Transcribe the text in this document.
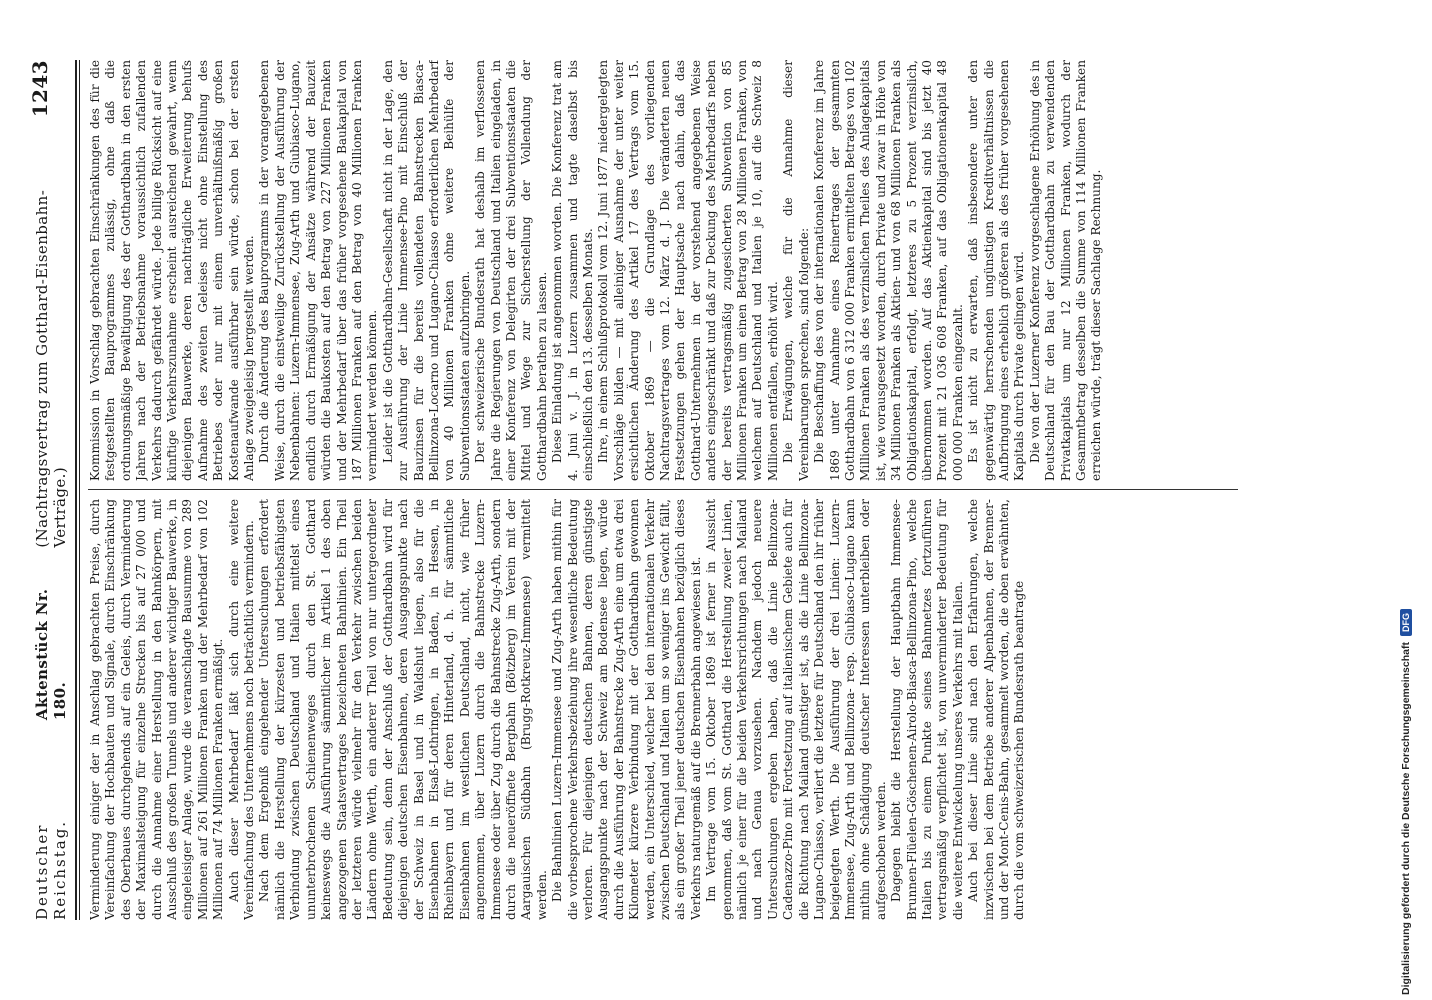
Deutscher Reichstag.
Aktenstück Nr. 180.
(Nachtragsvertrag zum Gotthard-Eisenbahn-Verträge.)
1243

Verminderung einiger der in Anschlag gebrachten Preise, durch Vereinfachung der Hochbauten und Signale, durch Einschränkung des Oberbaues durchgehends auf ein Geleis, durch Verminderung der Maximalsteigung für einzelne Strecken bis auf 27 0/00 und durch die Annahme einer Herstellung in den Bahnkörpern, mit Ausschluß des großen Tunnels und anderer wichtiger Bauwerke, in eingeleisiger Anlage, wurde die veranschlagte Bausumme von 289 Millionen auf 261 Millionen Franken und der Mehrbedarf von 102 Millionen auf 74 Millionen Franken ermäßigt. Auch dieser Mehrbedarf läßt sich durch eine weitere Vereinfachung des Unternehmens noch beträchtlich vermindern. Nach dem Ergebniß eingehender Untersuchungen erfordert nämlich die Herstellung der kürzesten und betriebsfähigsten Verbindung zwischen Deutschland und Italien mittelst eines ununterbrochenen Schienenweges durch den St. Gotthard keineswegs die Ausführung sämmtlicher im Artikel 1 des oben angezogenen Staatsvertrages bezeichneten Bahnlinien. Ein Theil der letzteren würde vielmehr für den Verkehr zwischen beiden Ländern ohne Werth, ein anderer Theil von nur untergeordneter Bedeutung sein, denn der Anschluß der Gotthardbahn wird für diejenigen deutschen Eisenbahnen, deren Ausgangspunkte nach der Schweiz in Basel und in Waldshut liegen, also für die Eisenbahnen in Elsaß-Lothringen, in Baden, in Hessen, in Rheinbayern und für deren Hinterland, d. h. für sämmtliche Eisenbahnen im westlichen Deutschland, nicht, wie früher angenommen, über Luzern durch die Bahnstrecke Luzern-Immensee oder über Zug durch die Bahnstrecke Zug-Arth, sondern durch die neueröffnete Bergbahn (Bötzberg) im Verein mit der Aargauischen Südbahn (Brugg-Rotkreuz-Immensee) vermittelt werden. Die Bahnlinien Luzern-Immensee und Zug-Arth haben mithin für die vorbesprochene Verkehrsbeziehung ihre wesentliche Bedeutung verloren. Für diejenigen deutschen Bahnen, deren günstigste Ausgangspunkte nach der Schweiz am Bodensee liegen, würde durch die Ausführung der Bahnstrecke Zug-Arth eine um etwa drei Kilometer kürzere Verbindung mit der Gotthardbahn gewonnen werden, ein Unterschied, welcher bei den internationalen Verkehr zwischen Deutschland und Italien um so weniger ins Gewicht fällt, als ein großer Theil jener deutschen Eisenbahnen bezüglich dieses Verkehrs naturgemäß auf die Brennerbahn angewiesen ist. Im Vertrage vom 15. Oktober 1869 ist ferner in Aussicht genommen, daß vom St. Gotthard die Herstellung zweier Linien, nämlich je einer für die beiden Verkehrsrichtungen nach Mailand und nach Genua vorzusehen. Nachdem jedoch neuere Untersuchungen ergeben haben, daß die Linie Bellinzona-Cadenazzo-Pino mit Fortsetzung auf italienischem Gebiete auch für die Richtung nach Mailand günstiger ist, als die Linie Bellinzona-Lugano-Chiasso, verliert die letztere für Deutschland den ihr früher beigelegten Werth. Die Ausführung der drei Linien: Luzern-Immensee, Zug-Arth und Bellinzona- resp. Giubiasco-Lugano kann mithin ohne Schädigung deutscher Interessen unterbleiben oder aufgeschoben werden. Dagegen bleibt die Herstellung der Hauptbahn Immensee-Brunnen-Flüelen-Göschenen-Airolo-Biasca-Bellinzona-Pino, welche Italien bis zu einem Punkte seines Bahnnetzes fortzuführen vertragsmäßig verpflichtet ist, von unverminderter Bedeutung für die weitere Entwickelung unseres Verkehrs mit Italien. Auch bei dieser Linie sind nach den Erfahrungen, welche inzwischen bei dem Betriebe anderer Alpenbahnen, der Brenner- und der Mont-Cenis-Bahn, gesammelt worden, die oben erwähnten, durch die vom schweizerischen Bundesrath beantragte

Kommission in Vorschlag gebrachten Einschränkungen des für die festgestellten Bauprogrammes zulässig, ohne daß die ordnungsmäßige Bewältigung des der Gotthardbahn in den ersten Jahren nach der Betriebsnahme voraussichtlich zufallenden Verkehrs dadurch gefährdet würde. Jede billige Rücksicht auf eine künftige Verkehrszunahme erscheint ausreichend gewahrt, wenn diejenigen Bauwerke, deren nachträgliche Erweiterung behufs Aufnahme des zweiten Geleises nicht ohne Einstellung des Betriebes oder nur mit einem unverhältnißmäßig großen Kostenaufwande ausführbar sein würde, schon bei der ersten Anlage zweigeleisig hergestellt werden. Durch die Änderung des Bauprogramms in der vorangegebenen Weise, durch die einstweilige Zurückstellung der Ausführung der Nebenbahnen: Luzern-Immensee, Zug-Arth und Giubiasco-Lugano, endlich durch Ermäßigung der Ansätze während der Bauzeit würden die Baukosten auf den Betrag von 227 Millionen Franken und der Mehrbedarf über das früher vorgesehene Baukapital von 187 Millionen Franken auf den Betrag von 40 Millionen Franken vermindert werden können. Leider ist die Gotthardbahn-Gesellschaft nicht in der Lage, den zur Ausführung der Linie Immensee-Pino mit Einschluß der Bauzinsen für die bereits vollendeten Bahnstrecken Biasca-Bellinzona-Locarno und Lugano-Chiasso erforderlichen Mehrbedarf von 40 Millionen Franken ohne weitere Beihülfe der Subventionsstaaten aufzubringen. Der schweizerische Bundesrath hat deshalb im verflossenen Jahre die Regierungen von Deutschland und Italien eingeladen, in einer Konferenz von Delegirten der drei Subventionsstaaten die Mittel und Wege zur Sicherstellung der Vollendung der Gotthardbahn berathen zu lassen. Diese Einladung ist angenommen worden. Die Konferenz trat am 4. Juni v. J. in Luzern zusammen und tagte daselbst bis einschließlich den 13. desselben Monats. Ihre, in einem Schlußprotokoll vom 12. Juni 1877 niedergelegten Vorschläge bilden — mit alleiniger Ausnahme der unter weiter ersichtlichen Änderung des Artikel 17 des Vertrags vom 15. Oktober 1869 — die Grundlage des vorliegenden Nachtragsvertrages vom 12. März d. J. Die veränderten neuen Festsetzungen gehen der Hauptsache nach dahin, daß das Gotthard-Unternehmen in der vorstehend angegebenen Weise anders eingeschränkt und daß zur Deckung des Mehrbedarfs neben der bereits vertragsmäßig zugesicherten Subvention von 85 Millionen Franken um einen Betrag von 28 Millionen Franken, von welchem auf Deutschland und Italien je 10, auf die Schweiz 8 Millionen entfallen, erhöht wird. Die Erwägungen, welche für die Annahme dieser Vereinbarungen sprechen, sind folgende: Die Beschaffung des von der internationalen Konferenz im Jahre 1869 unter Annahme eines Reinertrages der gesammten Gotthardbahn von 6 312 000 Franken ermittelten Betrages von 102 Millionen Franken als des verzinslichen Theiles des Anlagekapitals ist, wie vorausgesetzt worden, durch Private und zwar in Höhe von 34 Millionen Franken als Aktien- und von 68 Millionen Franken als Obligationskapital, erfolgt, letzteres zu 5 Prozent verzinslich, übernommen worden. Auf das Aktienkapital sind bis jetzt 40 Prozent mit 21 036 608 Franken, auf das Obligationenkapital 48 000 000 Franken eingezahlt. Es ist nicht zu erwarten, daß insbesondere unter den gegenwärtig herrschenden ungünstigen Kreditverhältnissen die Aufbringung eines erheblich größeren als des früher vorgesehenen Kapitals durch Private gelingen wird. Die von der Luzerner Konferenz vorgeschlagene Erhöhung des in Deutschland für den Bau der Gotthardbahn zu verwendenden Privatkapitals um nur 12 Millionen Franken, wodurch der Gesammtbetrag desselben die Summe von 114 Millionen Franken erreichen würde, trägt dieser Sachlage Rechnung.

Digitalisierung gefördert durch die Deutsche Forschungsgemeinschaft
DFG
